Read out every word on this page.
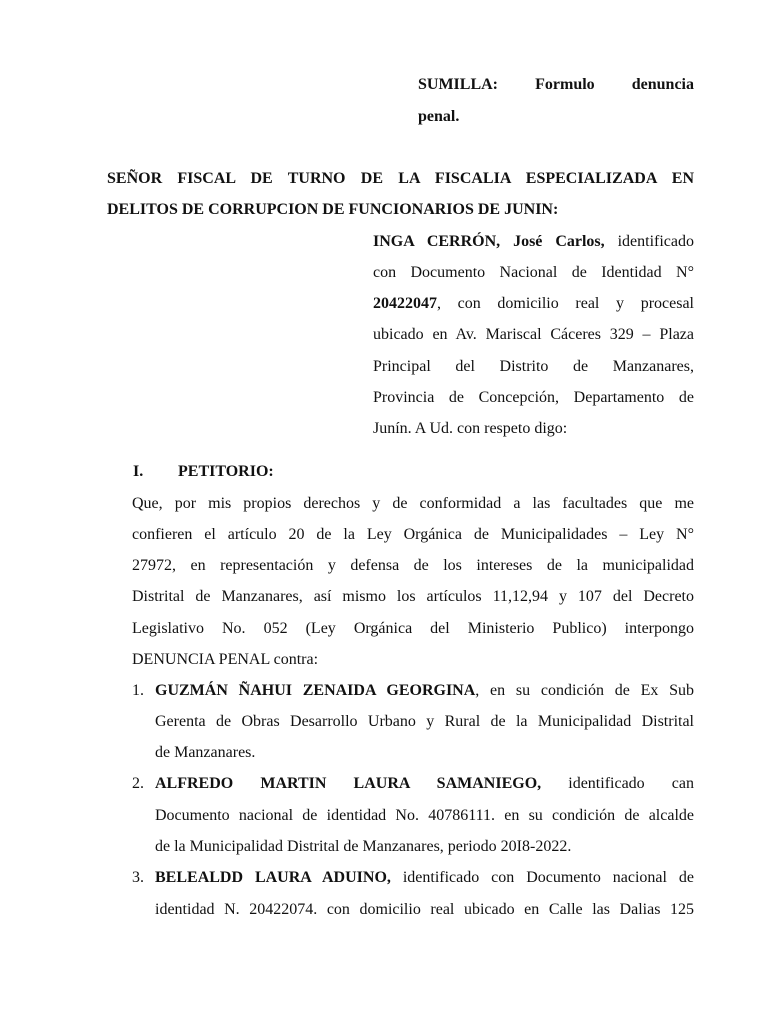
SUMILLA: Formulo denuncia
penal.
SEÑOR FISCAL DE TURNO DE LA FISCALIA ESPECIALIZADA EN
DELITOS DE CORRUPCION DE FUNCIONARIOS DE JUNIN:
INGA CERRÓN, José Carlos, identificado
con Documento Nacional de Identidad N°
20422047, con domicilio real y procesal
ubicado en Av. Mariscal Cáceres 329 – Plaza
Principal del Distrito de Manzanares,
Provincia de Concepción, Departamento de
Junín. A Ud. con respeto digo:
I. PETITORIO:
Que, por mis propios derechos y de conformidad a las facultades que me
confieren el artículo 20 de la Ley Orgánica de Municipalidades – Ley N°
27972, en representación y defensa de los intereses de la municipalidad
Distrital de Manzanares, así mismo los artículos 11,12,94 y 107 del Decreto
Legislativo No. 052 (Ley Orgánica del Ministerio Publico) interpongo
DENUNCIA PENAL contra:
1. GUZMÁN ÑAHUI ZENAIDA GEORGINA, en su condición de Ex Sub
Gerenta de Obras Desarrollo Urbano y Rural de la Municipalidad Distrital
de Manzanares.
2. ALFREDO MARTIN LAURA SAMANIEGO, identificado can
Documento nacional de identidad No. 40786111. en su condición de alcalde
de la Municipalidad Distrital de Manzanares, periodo 20I8-2022.
3. BELEALDD LAURA ADUINO, identificado con Documento nacional de
identidad N. 20422074. con domicilio real ubicado en Calle las Dalias 125
